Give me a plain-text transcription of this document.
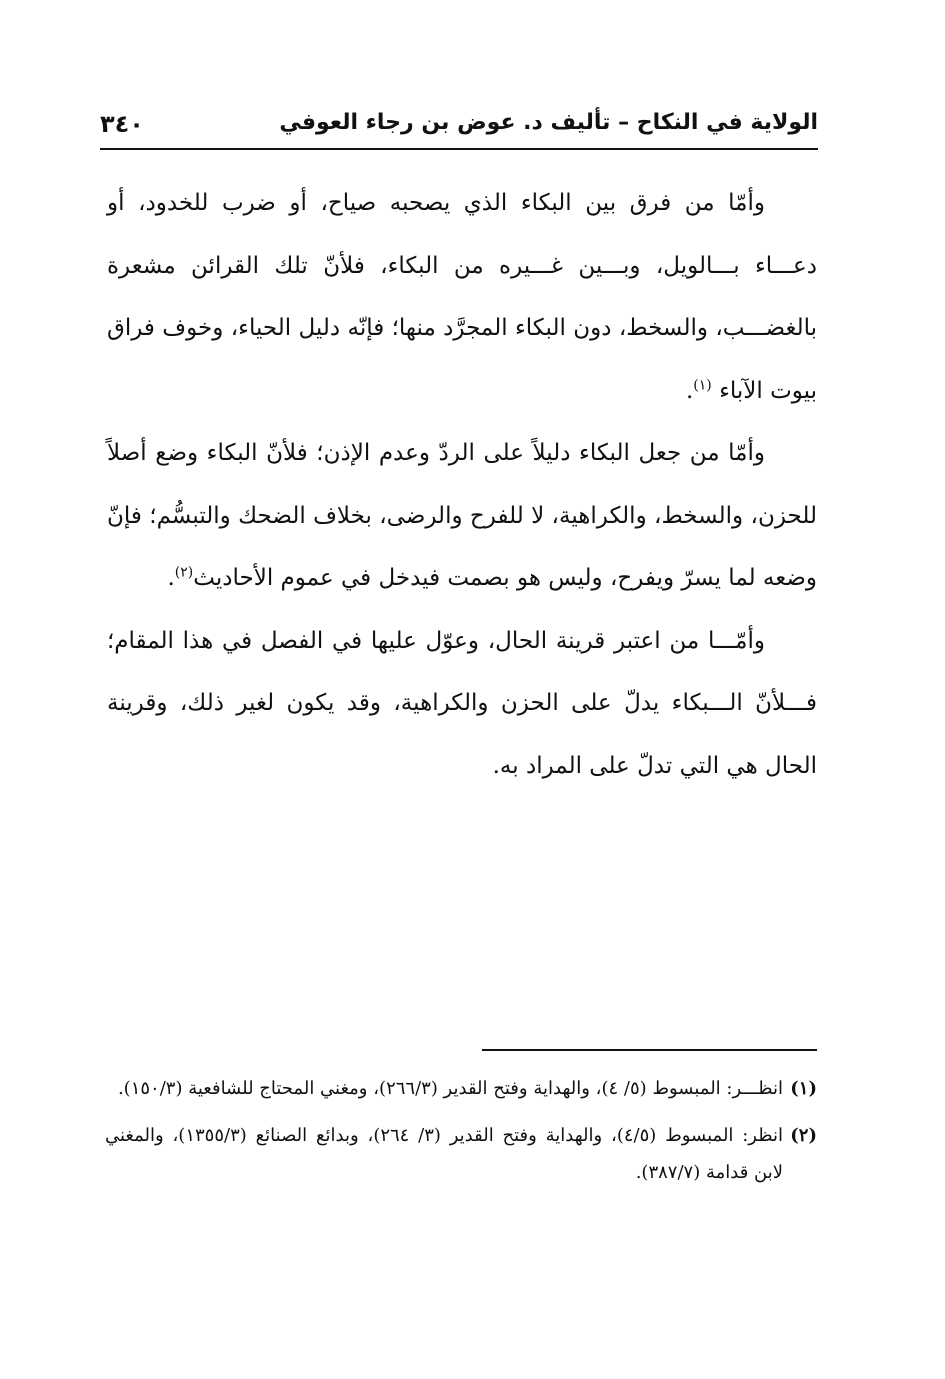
الولاية في النكاح – تأليف د. عوض بن رجاء العوفي
٣٤٠

وأمّا من فرق بين البكاء الذي يصحبه صياح، أو ضرب للخدود، أو دعـــاء بـــالويل، وبـــين غـــيره من البكاء، فلأنّ تلك القرائن مشعرة بالغضـــب، والسخط، دون البكاء المجرَّد منها؛ فإنّه دليل الحياء، وخوف فراق بيوت الآباء $^{(١)}$.

وأمّا من جعل البكاء دليلاً على الردّ وعدم الإذن؛ فلأنّ البكاء وضع أصلاً للحزن، والسخط، والكراهية، لا للفرح والرضى، بخلاف الضحك والتبسُّم؛ فإنّ وضعه لما يسرّ ويفرح، وليس هو بصمت فيدخل في عموم الأحاديث$^{(٢)}$.

وأمّـــا من اعتبر قرينة الحال، وعوّل عليها في الفصل في هذا المقام؛ فـــلأنّ الـــبكاء يدلّ على الحزن والكراهية، وقد يكون لغير ذلك، وقرينة الحال هي التي تدلّ على المراد به.

(١)
انظـــر: المبسوط (٥/ ٤)، والهداية وفتح القدير (٢٦٦/٣)، ومغني المحتاج للشافعية (١٥٠/٣).

(٢)
انظر: المبسوط (٤/٥)، والهداية وفتح القدير (٣/ ٢٦٤)، وبدائع الصنائع (١٣٥٥/٣)، والمغني لابن قدامة (٣٨٧/٧).
